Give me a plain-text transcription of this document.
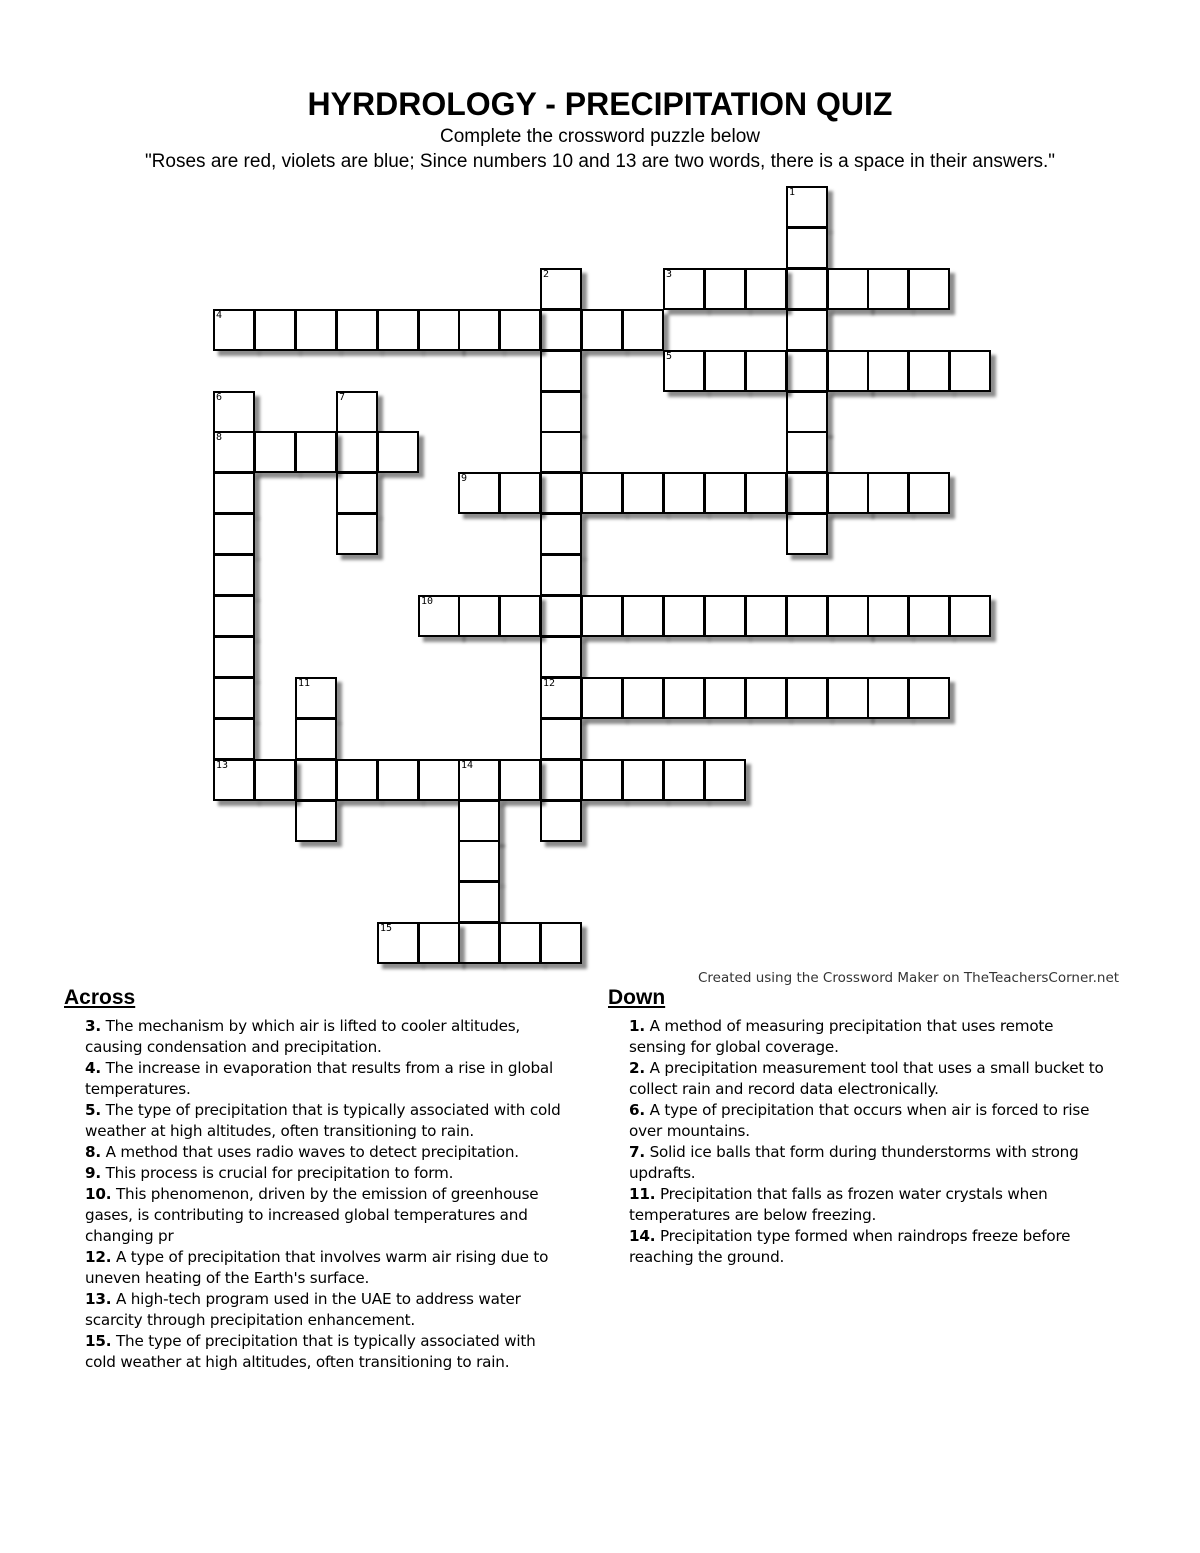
HYRDROLOGY - PRECIPITATION QUIZ
Complete the crossword puzzle below
"Roses are red, violets are blue; Since numbers 10 and 13 are two words, there is a space in their answers."
1
2
12
3
4
5
6
8
13
7
9
10
11
14
15
Created using the Crossword Maker on TheTeachersCorner.net
Across
3. The mechanism by which air is lifted to cooler altitudes, causing condensation and precipitation.
4. The increase in evaporation that results from a rise in global temperatures.
5. The type of precipitation that is typically associated with cold weather at high altitudes, often transitioning to rain.
8. A method that uses radio waves to detect precipitation.
9. This process is crucial for precipitation to form.
10. This phenomenon, driven by the emission of greenhouse gases, is contributing to increased global temperatures and changing pr
12. A type of precipitation that involves warm air rising due to uneven heating of the Earth's surface.
13. A high-tech program used in the UAE to address water scarcity through precipitation enhancement.
15. The type of precipitation that is typically associated with cold weather at high altitudes, often transitioning to rain.
Down
1. A method of measuring precipitation that uses remote sensing for global coverage.
2. A precipitation measurement tool that uses a small bucket to collect rain and record data electronically.
6. A type of precipitation that occurs when air is forced to rise over mountains.
7. Solid ice balls that form during thunderstorms with strong updrafts.
11. Precipitation that falls as frozen water crystals when temperatures are below freezing.
14. Precipitation type formed when raindrops freeze before reaching the ground.
